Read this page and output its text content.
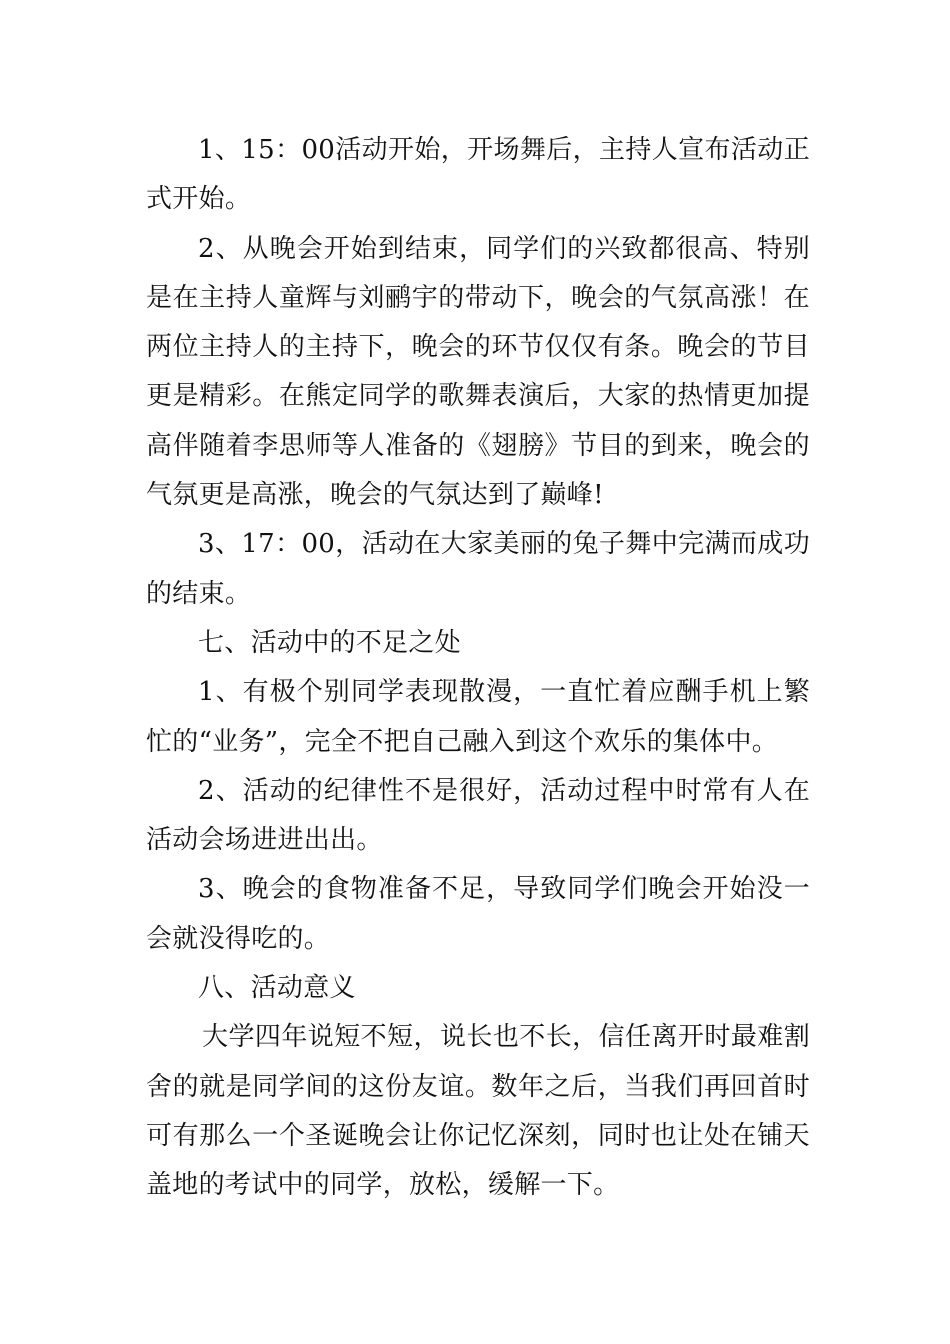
1、15：00活动开始，开场舞后，主持人宣布活动正式开始。

2、从晚会开始到结束，同学们的兴致都很高、特别是在主持人童辉与刘鹂宇的带动下，晚会的气氛高涨！在两位主持人的主持下，晚会的环节仅仅有条。晚会的节目更是精彩。在熊定同学的歌舞表演后，大家的热情更加提高伴随着李思师等人准备的《翅膀》节目的到来，晚会的气氛更是高涨，晚会的气氛达到了巅峰!

3、17：00，活动在大家美丽的兔子舞中完满而成功的结束。

七、活动中的不足之处

1、有极个别同学表现散漫，一直忙着应酬手机上繁忙的“业务”，完全不把自己融入到这个欢乐的集体中。

2、活动的纪律性不是很好，活动过程中时常有人在活动会场进进出出。

3、晚会的食物准备不足，导致同学们晚会开始没一会就没得吃的。

八、活动意义

大学四年说短不短，说长也不长，信任离开时最难割舍的就是同学间的这份友谊。数年之后，当我们再回首时可有那么一个圣诞晚会让你记忆深刻，同时也让处在铺天盖地的考试中的同学，放松，缓解一下。
